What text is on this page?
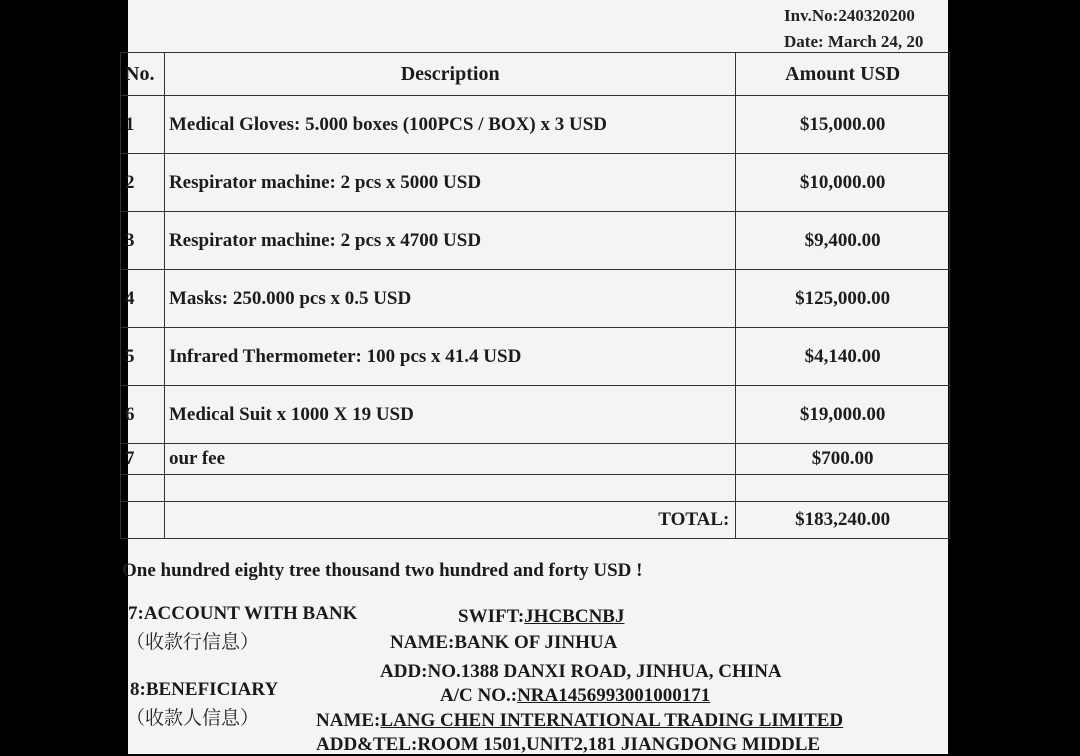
Inv.No:240320200
Date: March 24, 20
No.	Description	Amount USD
1	Medical Gloves: 5.000 boxes (100PCS / BOX) x 3 USD	$15,000.00
2	Respirator machine: 2 pcs x 5000 USD	$10,000.00
3	Respirator machine: 2 pcs x 4700 USD	$9,400.00
4	Masks: 250.000 pcs x 0.5 USD	$125,000.00
5	Infrared Thermometer: 100 pcs x 41.4 USD	$4,140.00
6	Medical Suit x 1000 X 19 USD	$19,000.00
7	our fee	$700.00

	TOTAL:	$183,240.00
One hundred eighty tree thousand two hundred and forty USD !
7:ACCOUNT WITH BANK
（收款行信息）
SWIFT:JHCBCNBJ
NAME:BANK OF JINHUA
ADD:NO.1388 DANXI ROAD, JINHUA, CHINA
8:BENEFICIARY
（收款人信息）
A/C NO.:NRA1456993001000171
NAME:LANG CHEN INTERNATIONAL TRADING LIMITED
ADD&TEL:ROOM 1501,UNIT2,181 JIANGDONG MIDDLE
